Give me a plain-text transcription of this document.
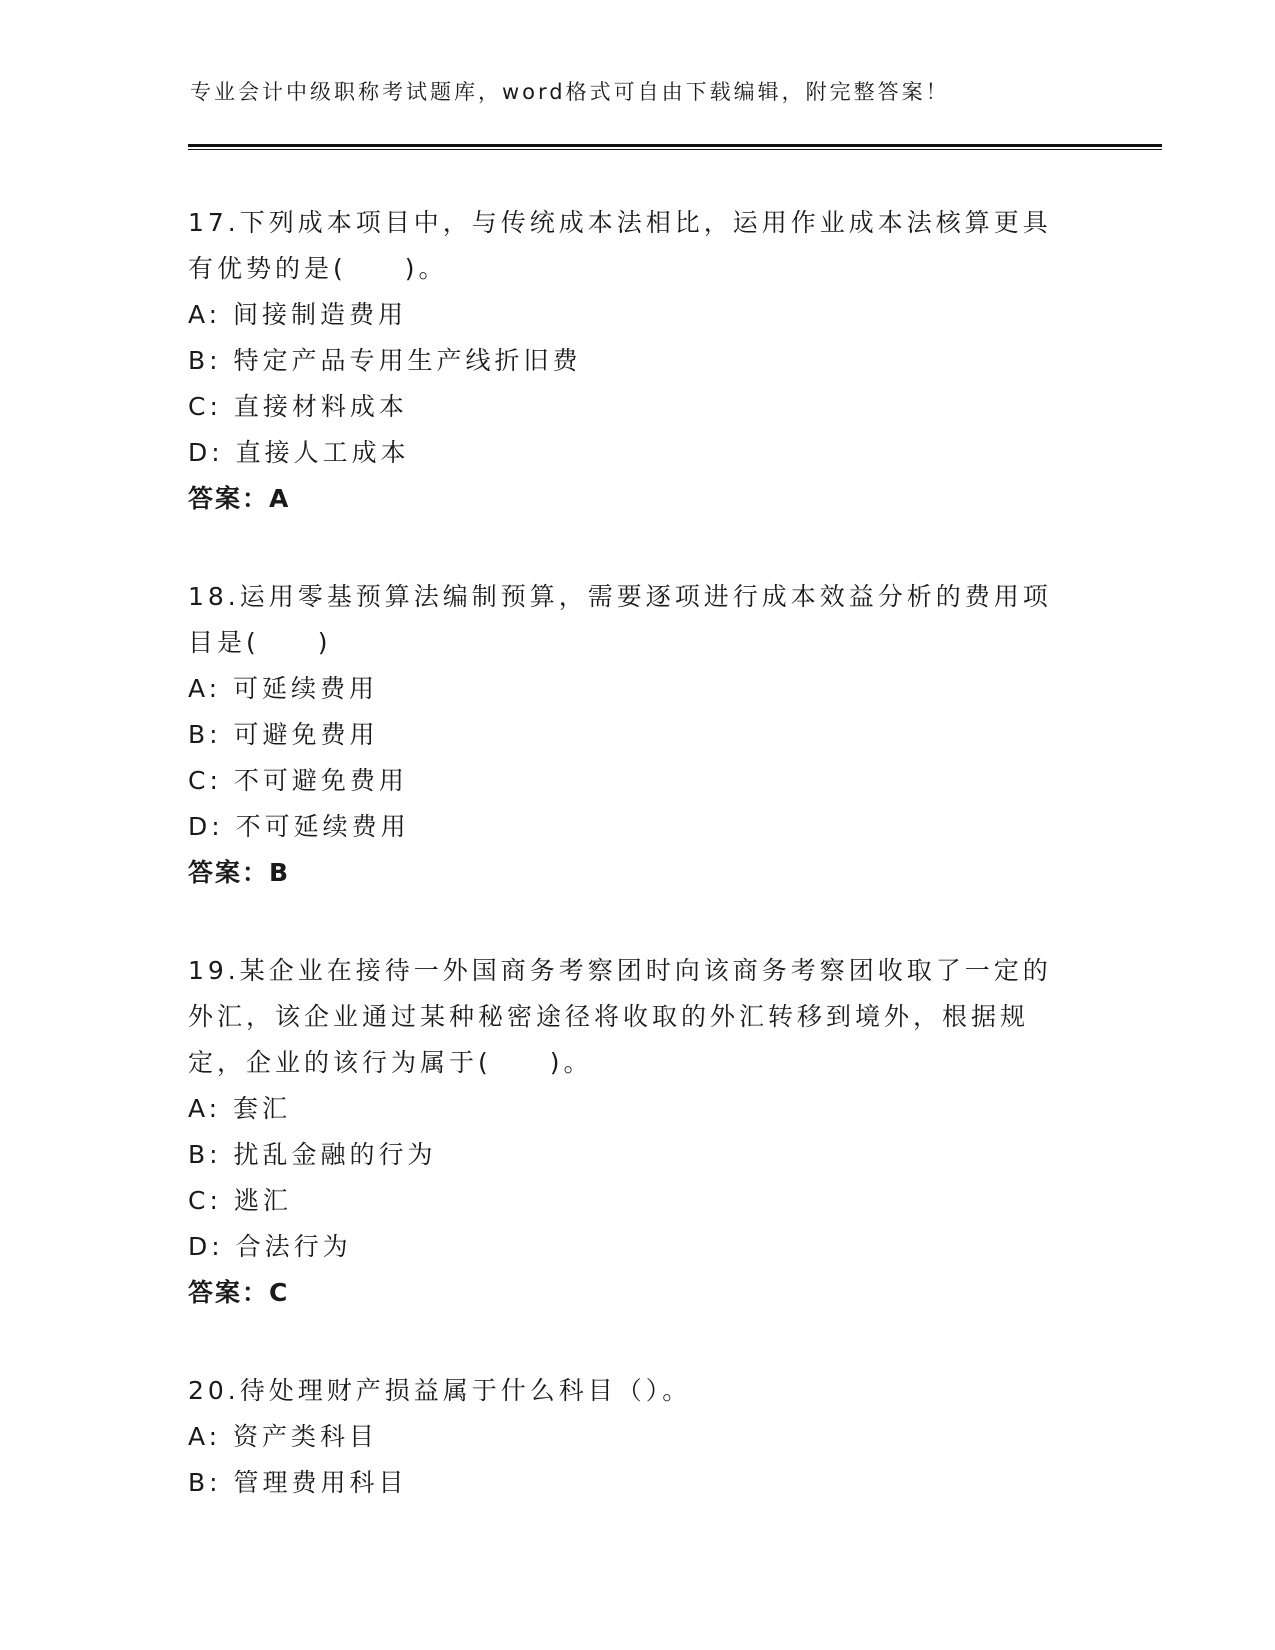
专业会计中级职称考试题库，word格式可自由下载编辑，附完整答案！
17.下列成本项目中，与传统成本法相比，运用作业成本法核算更具有优势的是(　　)。
A: 间接制造费用
B: 特定产品专用生产线折旧费
C: 直接材料成本
D: 直接人工成本
答案：A
18.运用零基预算法编制预算，需要逐项进行成本效益分析的费用项目是(　　)
A: 可延续费用
B: 可避免费用
C: 不可避免费用
D: 不可延续费用
答案：B
19.某企业在接待一外国商务考察团时向该商务考察团收取了一定的外汇，该企业通过某种秘密途径将收取的外汇转移到境外，根据规定，企业的该行为属于(　　)。
A: 套汇
B: 扰乱金融的行为
C: 逃汇
D: 合法行为
答案：C
20.待处理财产损益属于什么科目（）。
A: 资产类科目
B: 管理费用科目
